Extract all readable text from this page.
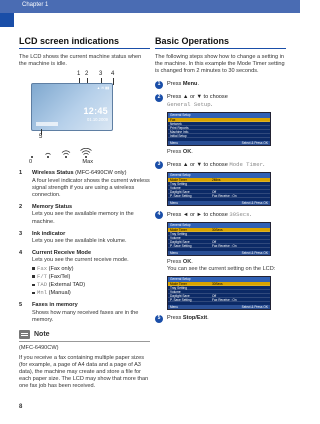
Chapter 1
LCD screen indications
The LCD shows the current machine status when the machine is idle.
1 2 3 4
▲ ✉ ▮▮
12:45
01.10.2009
5
0	Max
1 Wireless Status (MFC-6490CW only)
A four level indicator shows the current wireless signal strength if you are using a wireless connection.
2 Memory Status
Lets you see the available memory in the machine.
3 Ink indicator
Lets you see the available ink volume.
4 Current Receive Mode
Lets you see the current receive mode.
Fax (Fax only)
F/T (Fax/Tel)
TAD (External TAD)
Mnl (Manual)
5 Faxes in memory
Shows how many received faxes are in the memory.
Note
(MFC-6490CW)
If you receive a fax containing multiple paper sizes (for example, a page of A4 data and a page of A3 data), the machine may create and store a file for each paper size. The LCD may show that more than one fax job has been received.
Basic Operations
The following steps show how to change a setting in the machine. In this example the Mode Timer setting is changed from 2 minutes to 30 seconds.
1	Press Menu.
2	Press ▲ or ▼ to choose
General Setup.
General Setup
Fax
Network
Print Reports
Machine Info.
Initial Setup
Menu	Select & Press OK
Press OK.
3	Press ▲ or ▼ to choose Mode Timer.
General Setup
Mode Timer	2Mins
Tray Setting
Volume
Daylight Save	Off
P. Save Setting	Fax Receive : On
Menu	Select & Press OK
4	Press ◄ or ► to choose 30Secs.
General Setup
Mode Timer	30Secs
Tray Setting
Volume
Daylight Save	Off
P. Save Setting	Fax Receive : On
Menu	Select & Press OK
Press OK.
You can see the current setting on the LCD:
General Setup
Mode Timer	30Secs
Tray Setting
Volume
Daylight Save	Off
P. Save Setting	Fax Receive : On
Menu	Select & Press OK
5	Press Stop/Exit.
8
